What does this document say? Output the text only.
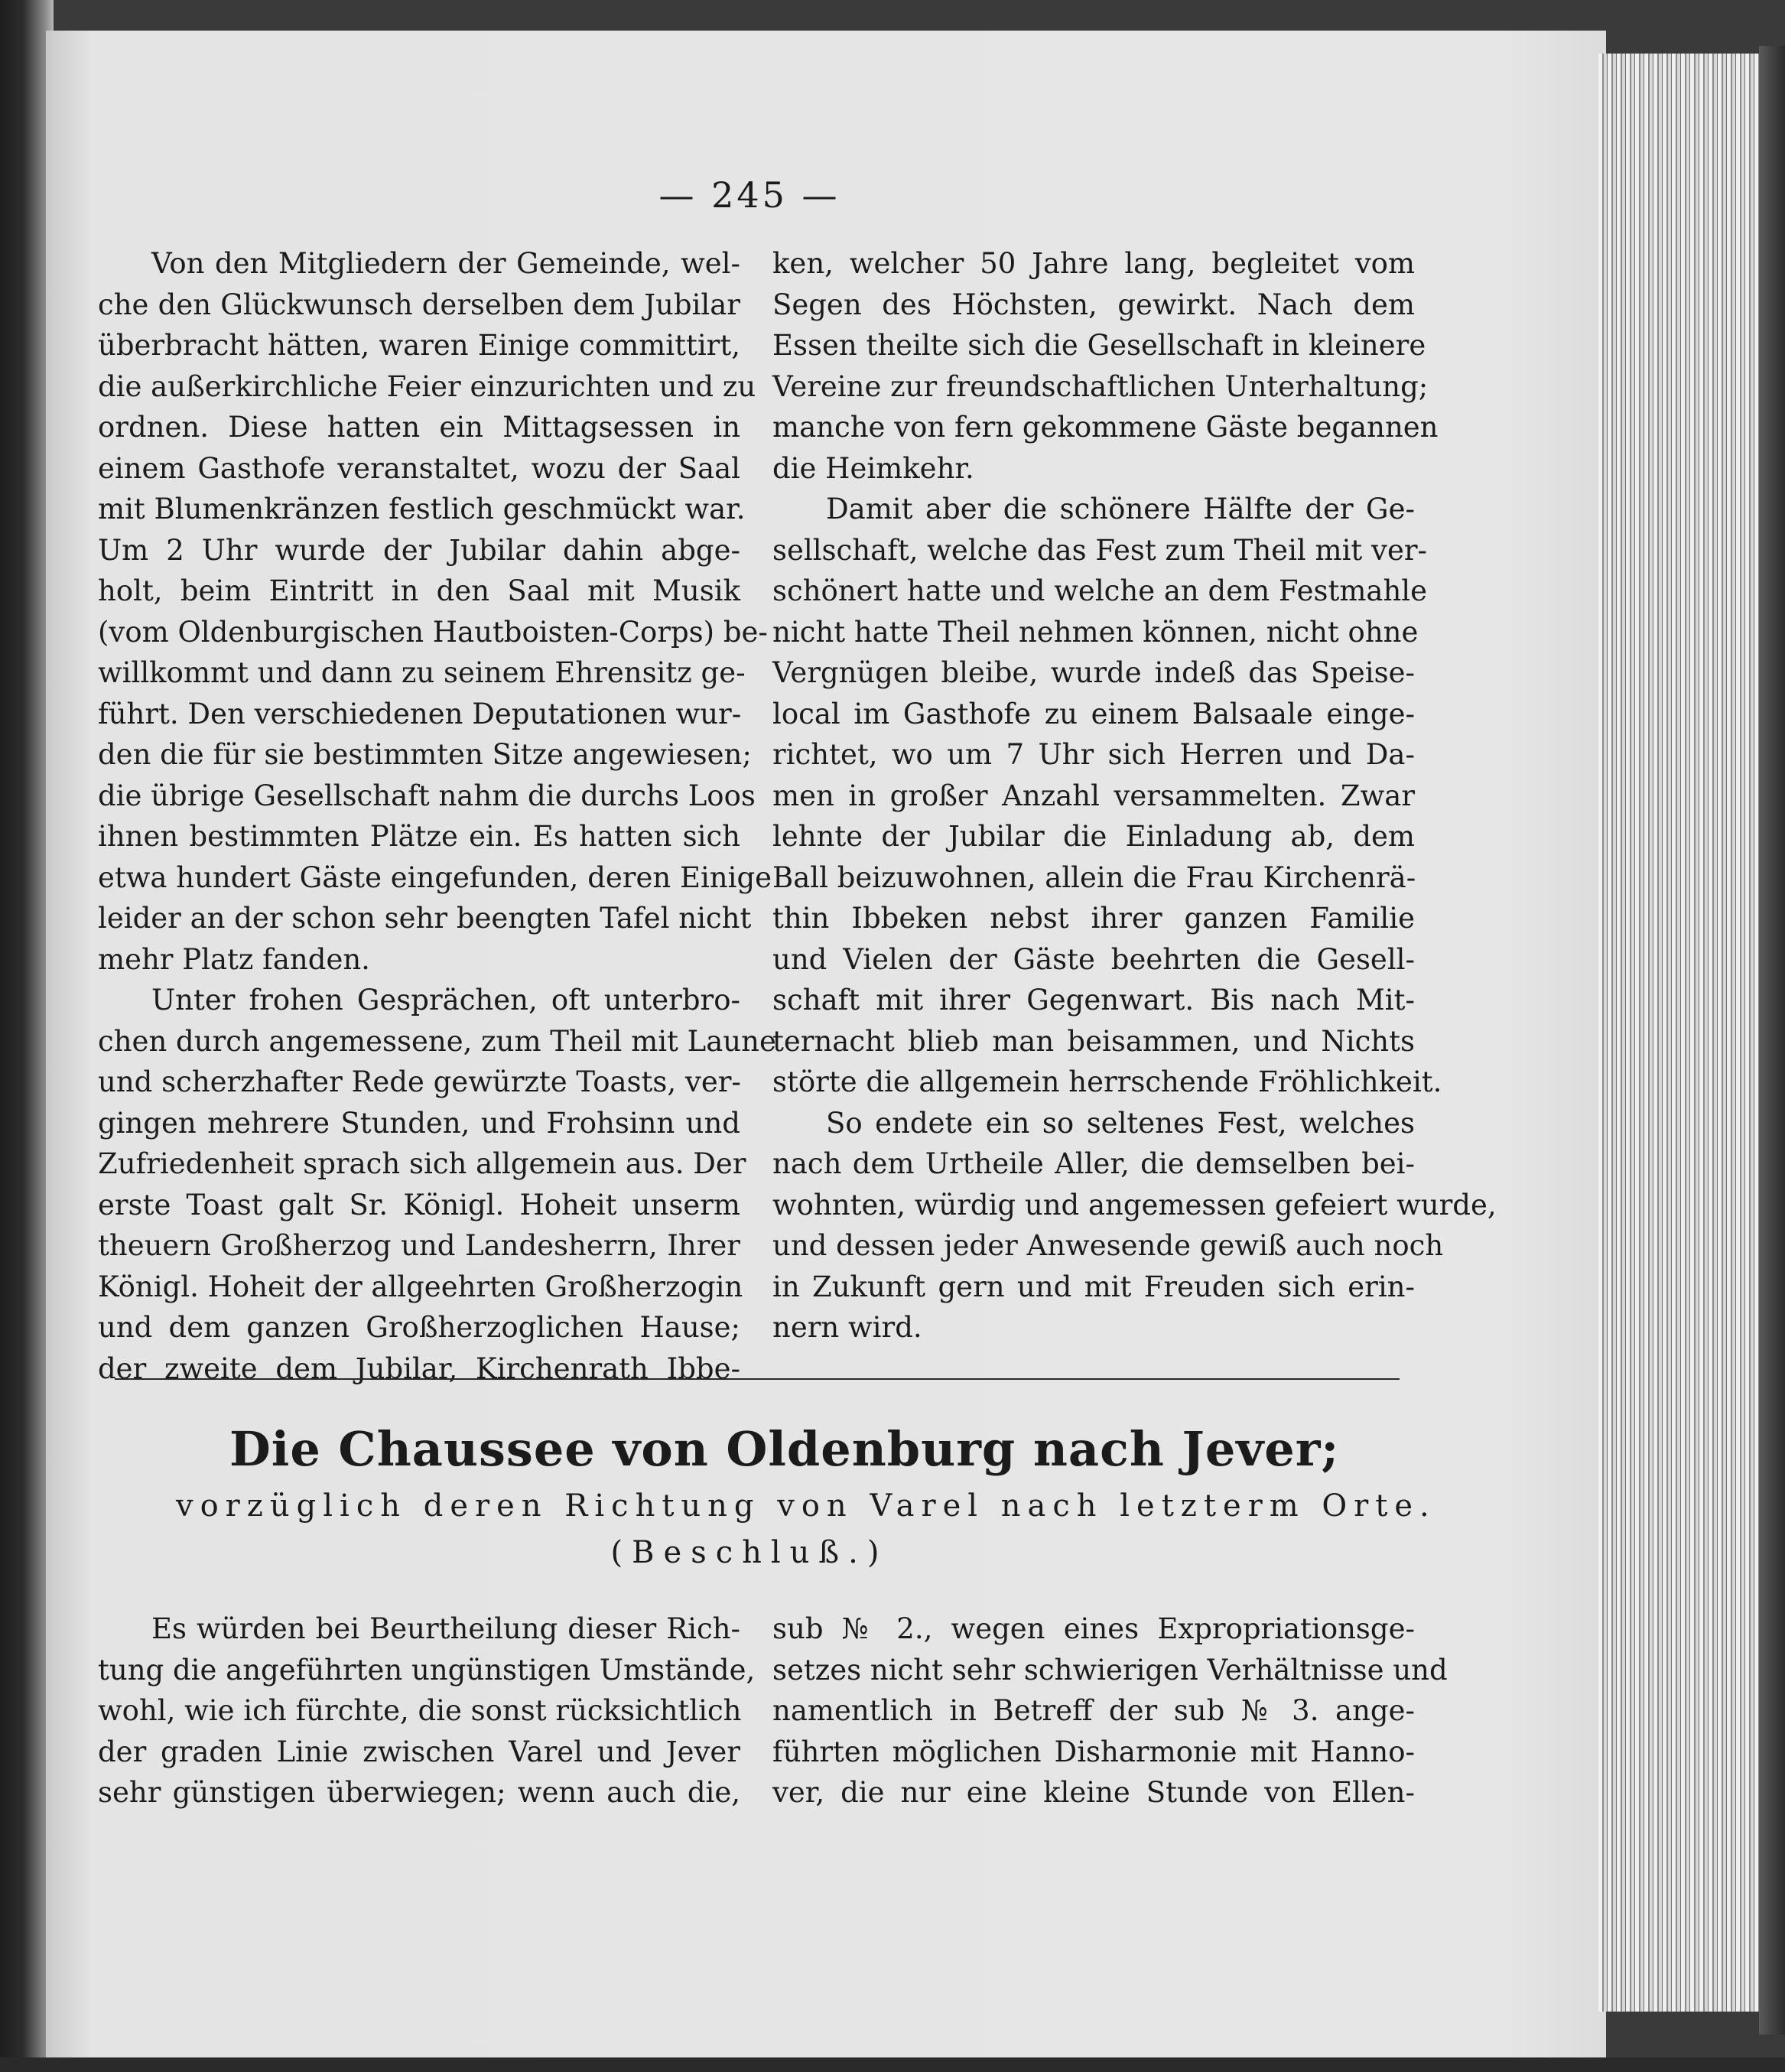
— 245 —
Von den Mitgliedern der Gemeinde, wel-
che den Glückwunsch derselben dem Jubilar
überbracht hätten, waren Einige committirt,
die außerkirchliche Feier einzurichten und zu
ordnen. Diese hatten ein Mittagsessen in
einem Gasthofe veranstaltet, wozu der Saal
mit Blumenkränzen festlich geschmückt war.
Um 2 Uhr wurde der Jubilar dahin abge-
holt, beim Eintritt in den Saal mit Musik
(vom Oldenburgischen Hautboisten-Corps) be-
willkommt und dann zu seinem Ehrensitz ge-
führt. Den verschiedenen Deputationen wur-
den die für sie bestimmten Sitze angewiesen;
die übrige Gesellschaft nahm die durchs Loos
ihnen bestimmten Plätze ein. Es hatten sich
etwa hundert Gäste eingefunden, deren Einige
leider an der schon sehr beengten Tafel nicht
mehr Platz fanden.
Unter frohen Gesprächen, oft unterbro-
chen durch angemessene, zum Theil mit Laune
und scherzhafter Rede gewürzte Toasts, ver-
gingen mehrere Stunden, und Frohsinn und
Zufriedenheit sprach sich allgemein aus. Der
erste Toast galt Sr. Königl. Hoheit unserm
theuern Großherzog und Landesherrn, Ihrer
Königl. Hoheit der allgeehrten Großherzogin
und dem ganzen Großherzoglichen Hause;
der zweite dem Jubilar, Kirchenrath Ibbe-
ken, welcher 50 Jahre lang, begleitet vom
Segen des Höchsten, gewirkt. Nach dem
Essen theilte sich die Gesellschaft in kleinere
Vereine zur freundschaftlichen Unterhaltung;
manche von fern gekommene Gäste begannen
die Heimkehr.
Damit aber die schönere Hälfte der Ge-
sellschaft, welche das Fest zum Theil mit ver-
schönert hatte und welche an dem Festmahle
nicht hatte Theil nehmen können, nicht ohne
Vergnügen bleibe, wurde indeß das Speise-
local im Gasthofe zu einem Balsaale einge-
richtet, wo um 7 Uhr sich Herren und Da-
men in großer Anzahl versammelten. Zwar
lehnte der Jubilar die Einladung ab, dem
Ball beizuwohnen, allein die Frau Kirchenrä-
thin Ibbeken nebst ihrer ganzen Familie
und Vielen der Gäste beehrten die Gesell-
schaft mit ihrer Gegenwart. Bis nach Mit-
ternacht blieb man beisammen, und Nichts
störte die allgemein herrschende Fröhlichkeit.
So endete ein so seltenes Fest, welches
nach dem Urtheile Aller, die demselben bei-
wohnten, würdig und angemessen gefeiert wurde,
und dessen jeder Anwesende gewiß auch noch
in Zukunft gern und mit Freuden sich erin-
nern wird.
Die Chaussee von Oldenburg nach Jever;
vorzüglich deren Richtung von Varel nach letzterm Orte.
(Beschluß.)
Es würden bei Beurtheilung dieser Rich-
tung die angeführten ungünstigen Umstände,
wohl, wie ich fürchte, die sonst rücksichtlich
der graden Linie zwischen Varel und Jever
sehr günstigen überwiegen; wenn auch die,
sub № 2., wegen eines Expropriationsge-
setzes nicht sehr schwierigen Verhältnisse und
namentlich in Betreff der sub № 3. ange-
führten möglichen Disharmonie mit Hanno-
ver, die nur eine kleine Stunde von Ellen-
